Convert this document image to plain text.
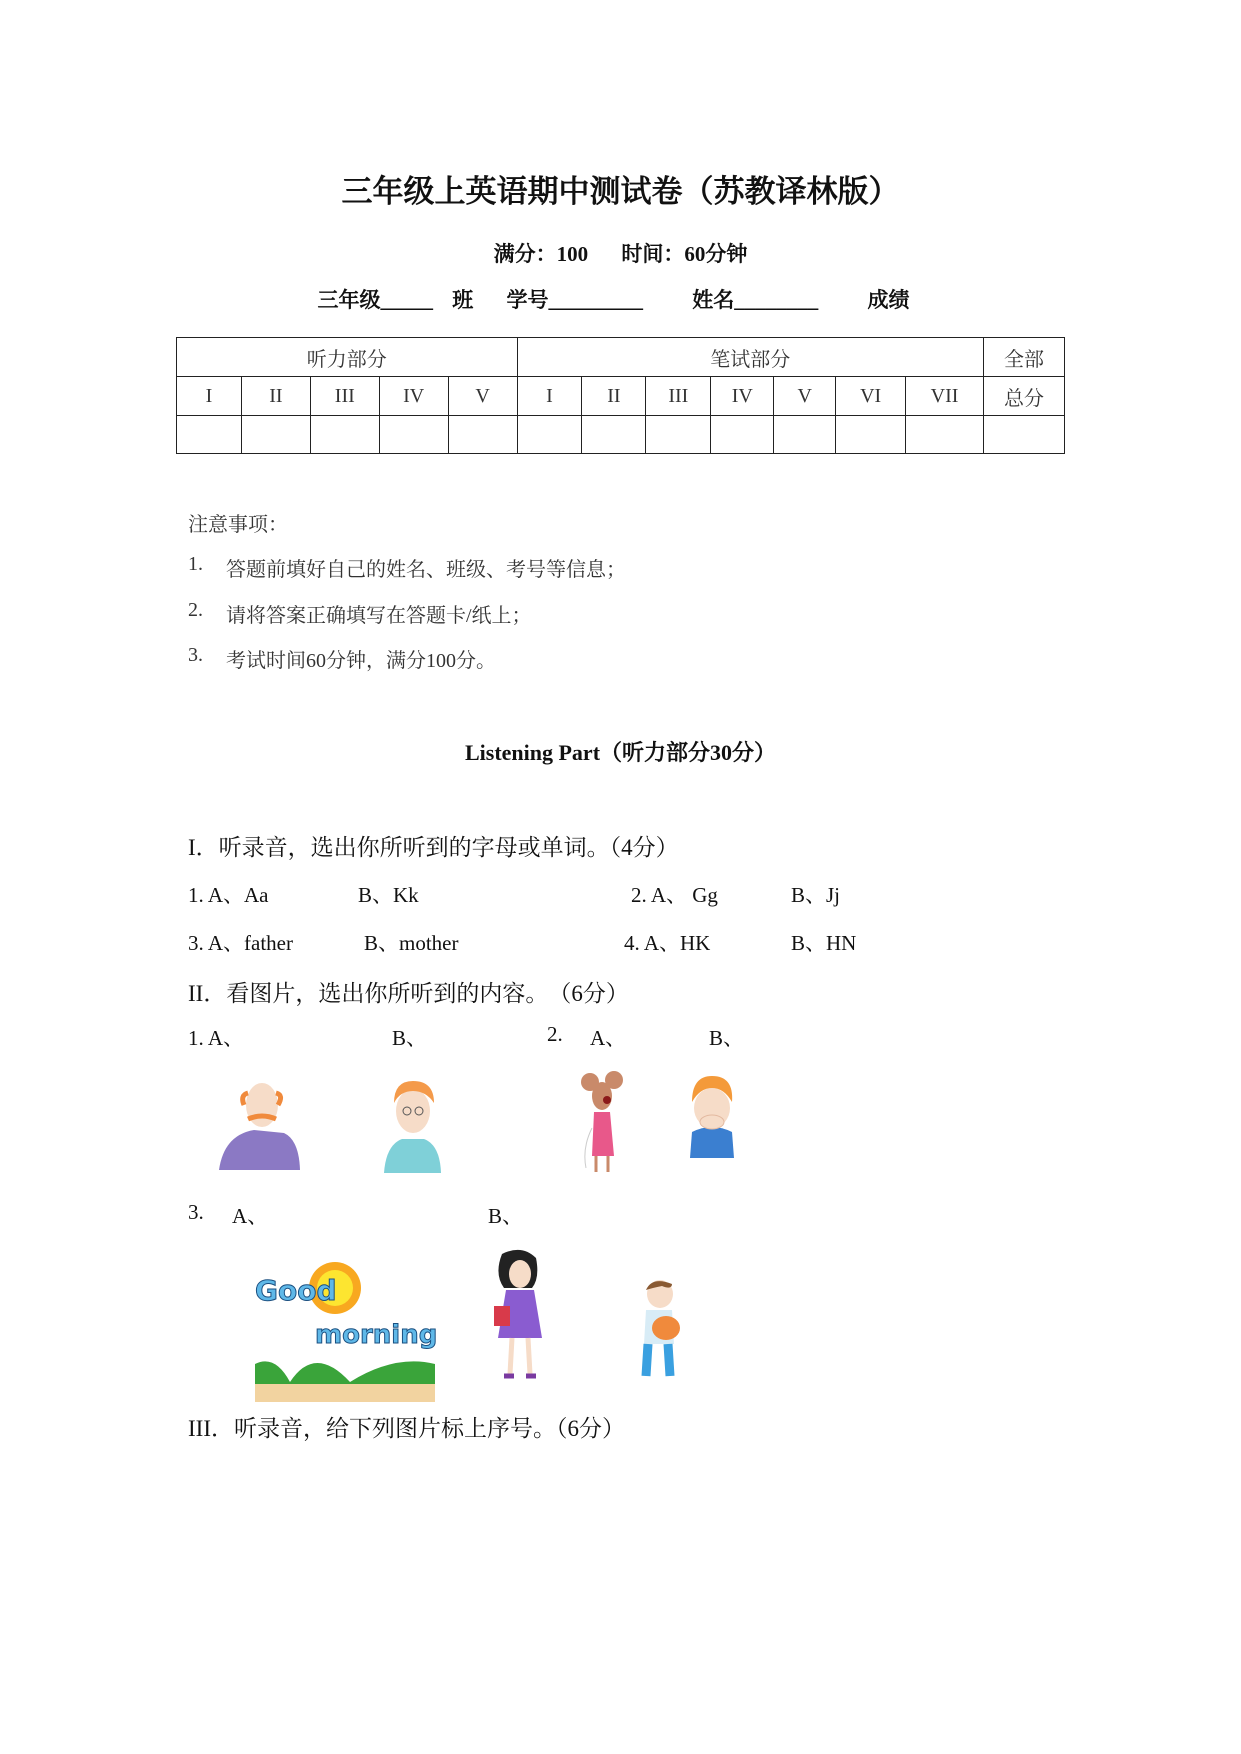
三年级上英语期中测试卷（苏教译林版）
满分：100 时间：60分钟
三年级_____ 班 学号_________ 姓名________ 成绩
听力部分					笔试部分							全部
I	II	III	IV	V	I	II	III	IV	V	VI	VII	总分

注意事项：
1. 答题前填好自己的姓名、班级、考号等信息；
2. 请将答案正确填写在答题卡/纸上；
3. 考试时间60分钟，满分100分。
Listening Part（听力部分30分）
I．听录音，选出你所听到的字母或单词。（4分）
1. A、Aa	B、Kk	2. A、 Gg	B、Jj
3. A、father	B、mother	4. A、HK	B、HN
II．看图片，选出你所听到的内容。　（6分）
1. A、	B、	2. A、	B、
3. A、	B、
Good
morning
III．听录音，给下列图片标上序号。（6分）
